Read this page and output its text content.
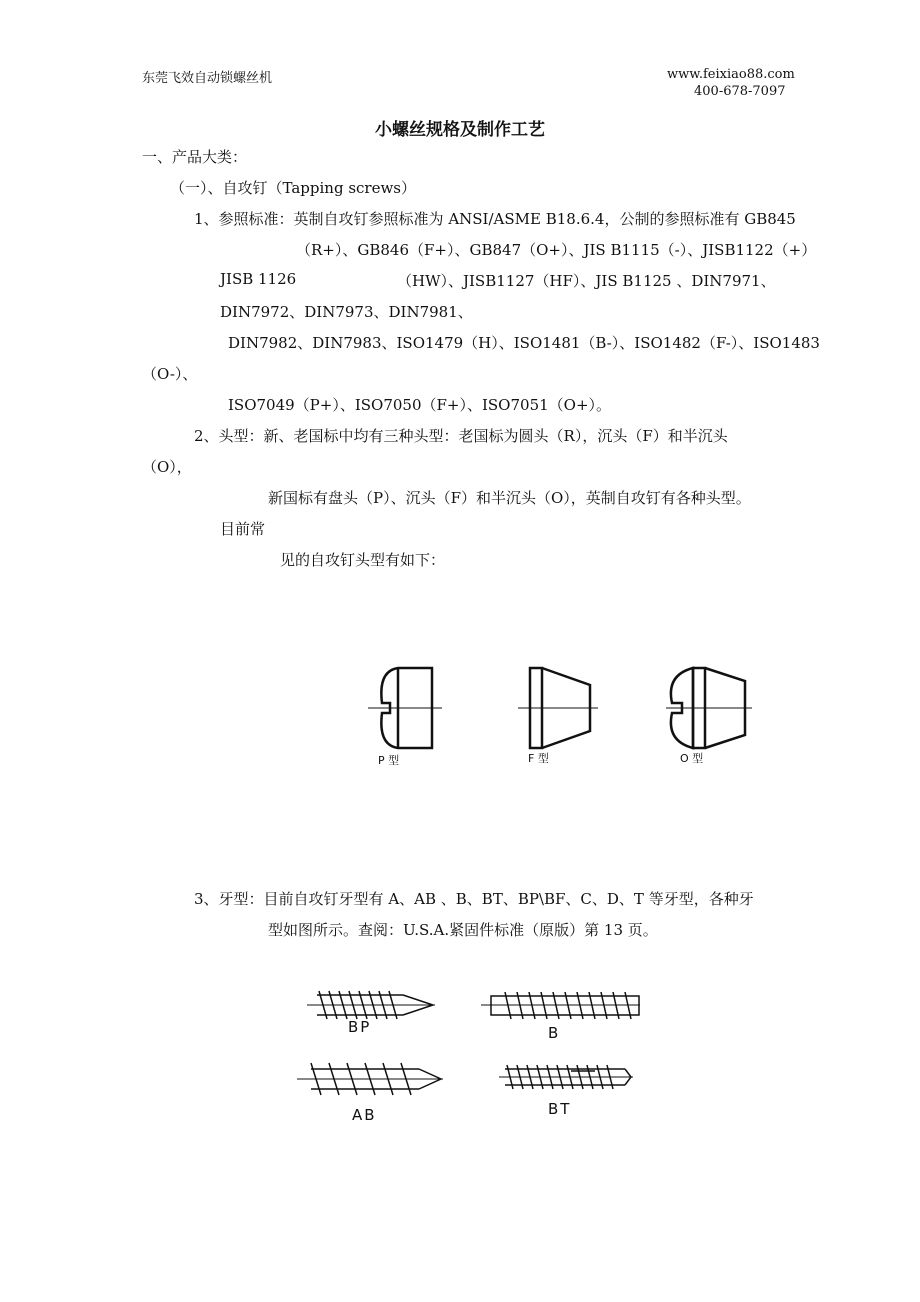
东莞飞效自动锁螺丝机	www.feixiao88.com
400-678-7097
小螺丝规格及制作工艺
一、产品大类：
（一）、自攻钉（Tapping screws）
1、参照标准：英制自攻钉参照标准为 ANSI/ASME B18.6.4，公制的参照标准有 GB845
（R+）、GB846（F+）、GB847（O+）、JIS B1115（-）、JISB1122（+）
JISB 1126	（HW）、JISB1127（HF）、JIS B1125 、DIN7971、
DIN7972、DIN7973、DIN7981、
DIN7982、DIN7983、ISO1479（H）、ISO1481（B-）、ISO1482（F-）、ISO1483
（O-）、
ISO7049（P+）、ISO7050（F+）、ISO7051（O+）。
2、头型：新、老国标中均有三种头型：老国标为圆头（R），沉头（F）和半沉头
（O），
新国标有盘头（P）、沉头（F）和半沉头（O），英制自攻钉有各种头型。
目前常
见的自攻钉头型有如下：
P 型	F 型	O 型
3、牙型：目前自攻钉牙型有 A、AB 、B、BT、BP\BF、C、D、T 等牙型，各种牙
型如图所示。查阅：U.S.A.紧固件标准（原版）第 13 页。
BP	B
AB	BT
